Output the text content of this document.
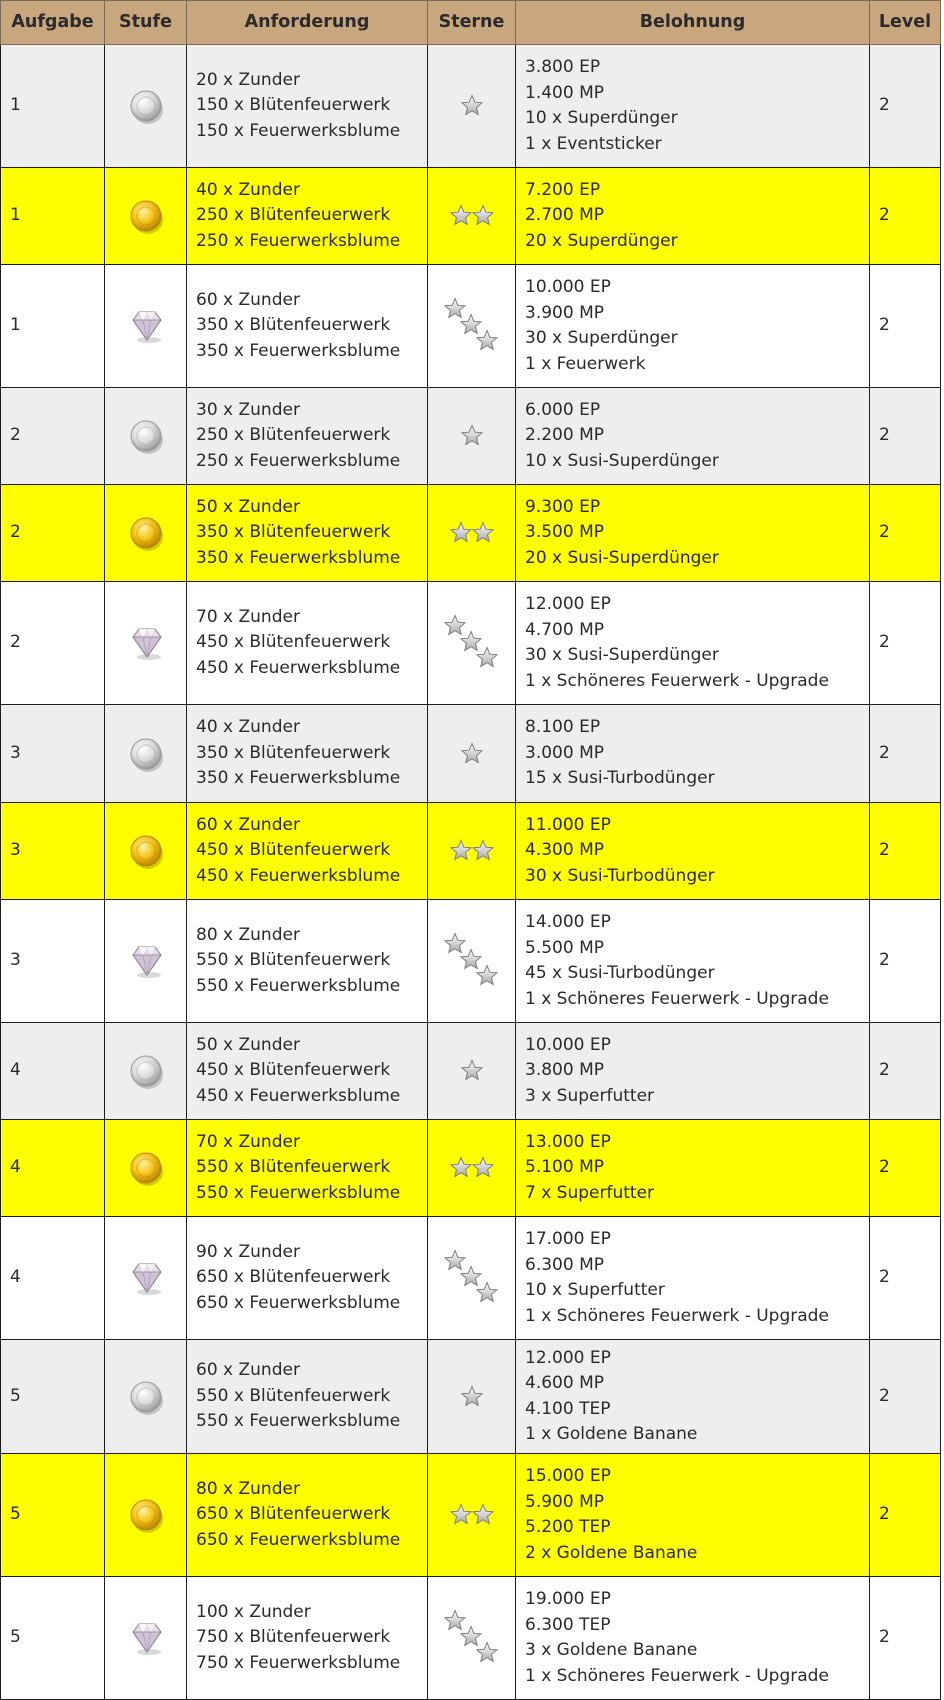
Aufgabe	Stufe	Anforderung	Sterne	Belohnung	Level
1		20 x Zunder
150 x Blütenfeuerwerk
150 x Feuerwerksblume		3.800 EP
1.400 MP
10 x Superdünger
1 x Eventsticker	2
1		40 x Zunder
250 x Blütenfeuerwerk
250 x Feuerwerksblume		7.200 EP
2.700 MP
20 x Superdünger	2
1		60 x Zunder
350 x Blütenfeuerwerk
350 x Feuerwerksblume		10.000 EP
3.900 MP
30 x Superdünger
1 x Feuerwerk	2
2		30 x Zunder
250 x Blütenfeuerwerk
250 x Feuerwerksblume		6.000 EP
2.200 MP
10 x Susi-Superdünger	2
2		50 x Zunder
350 x Blütenfeuerwerk
350 x Feuerwerksblume		9.300 EP
3.500 MP
20 x Susi-Superdünger	2
2		70 x Zunder
450 x Blütenfeuerwerk
450 x Feuerwerksblume		12.000 EP
4.700 MP
30 x Susi-Superdünger
1 x Schöneres Feuerwerk - Upgrade	2
3		40 x Zunder
350 x Blütenfeuerwerk
350 x Feuerwerksblume		8.100 EP
3.000 MP
15 x Susi-Turbodünger	2
3		60 x Zunder
450 x Blütenfeuerwerk
450 x Feuerwerksblume		11.000 EP
4.300 MP
30 x Susi-Turbodünger	2
3		80 x Zunder
550 x Blütenfeuerwerk
550 x Feuerwerksblume		14.000 EP
5.500 MP
45 x Susi-Turbodünger
1 x Schöneres Feuerwerk - Upgrade	2
4		50 x Zunder
450 x Blütenfeuerwerk
450 x Feuerwerksblume		10.000 EP
3.800 MP
3 x Superfutter	2
4		70 x Zunder
550 x Blütenfeuerwerk
550 x Feuerwerksblume		13.000 EP
5.100 MP
7 x Superfutter	2
4		90 x Zunder
650 x Blütenfeuerwerk
650 x Feuerwerksblume		17.000 EP
6.300 MP
10 x Superfutter
1 x Schöneres Feuerwerk - Upgrade	2
5		60 x Zunder
550 x Blütenfeuerwerk
550 x Feuerwerksblume		12.000 EP
4.600 MP
4.100 TEP
1 x Goldene Banane	2
5		80 x Zunder
650 x Blütenfeuerwerk
650 x Feuerwerksblume		15.000 EP
5.900 MP
5.200 TEP
2 x Goldene Banane	2
5		100 x Zunder
750 x Blütenfeuerwerk
750 x Feuerwerksblume		19.000 EP
6.300 TEP
3 x Goldene Banane
1 x Schöneres Feuerwerk - Upgrade	2
